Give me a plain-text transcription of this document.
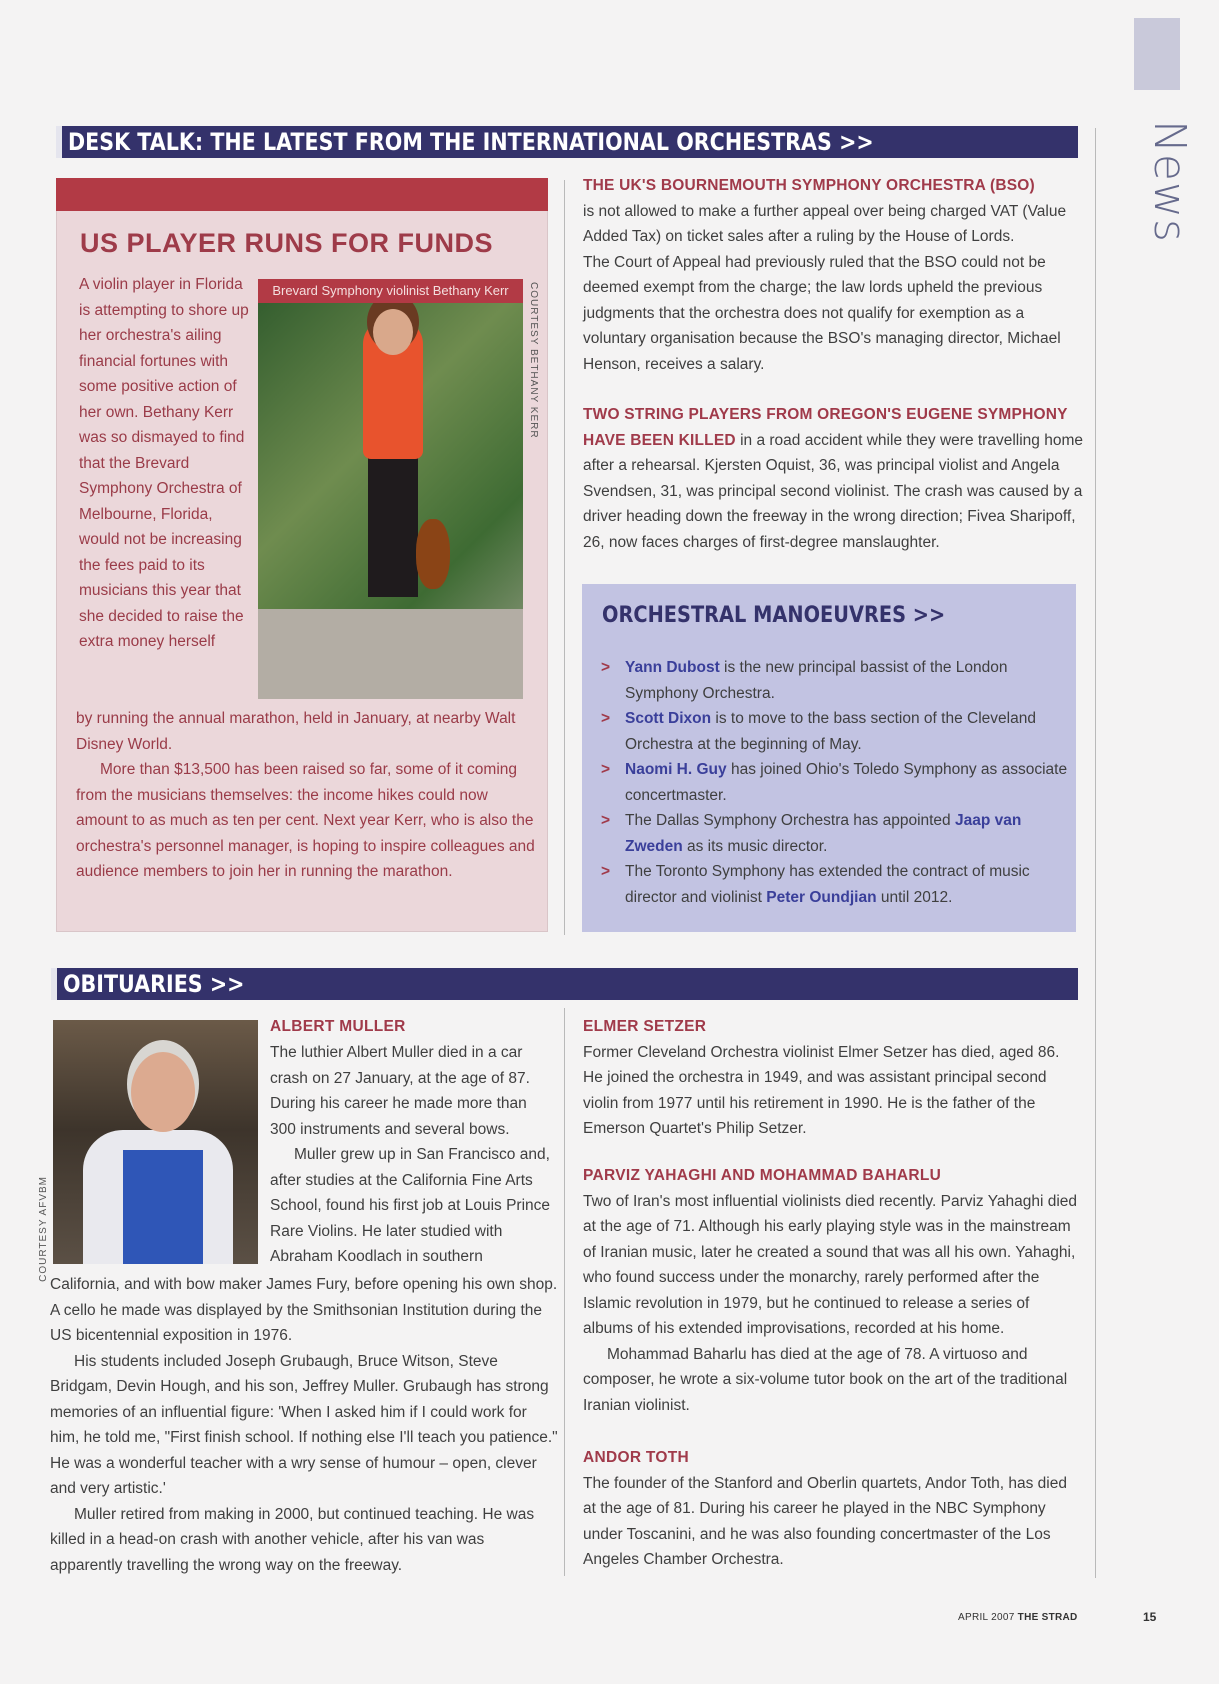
News
DESK TALK: THE LATEST FROM THE INTERNATIONAL ORCHESTRAS >>
US PLAYER RUNS FOR FUNDS
Brevard Symphony violinist Bethany Kerr	COURTESY BETHANY KERR

A violin player in Florida is attempting to shore up her orchestra's ailing financial fortunes with some positive action of her own. Bethany Kerr was so dismayed to find that the Brevard Symphony Orchestra of Melbourne, Florida, would not be increasing the fees paid to its musicians this year that she decided to raise the extra money herself

by running the annual marathon, held in January, at nearby Walt Disney World.

More than $13,500 has been raised so far, some of it coming from the musicians themselves: the income hikes could now amount to as much as ten per cent. Next year Kerr, who is also the orchestra's personnel manager, is hoping to inspire colleagues and audience members to join her in running the marathon.

THE UK'S BOURNEMOUTH SYMPHONY ORCHESTRA (BSO)
is not allowed to make a further appeal over being charged VAT (Value Added Tax) on ticket sales after a ruling by the House of Lords.
The Court of Appeal had previously ruled that the BSO could not be deemed exempt from the charge; the law lords upheld the previous judgments that the orchestra does not qualify for exemption as a voluntary organisation because the BSO's managing director, Michael Henson, receives a salary.

TWO STRING PLAYERS FROM OREGON'S EUGENE SYMPHONY HAVE BEEN KILLED in a road accident while they were travelling home after a rehearsal. Kjersten Oquist, 36, was principal violist and Angela Svendsen, 31, was principal second violinist. The crash was caused by a driver heading down the freeway in the wrong direction; Fivea Sharipoff, 26, now faces charges of first-degree manslaughter.

ORCHESTRAL MANOEUVRES >>
> Yann Dubost is the new principal bassist of the London Symphony Orchestra.
> Scott Dixon is to move to the bass section of the Cleveland Orchestra at the beginning of May.
> Naomi H. Guy has joined Ohio's Toledo Symphony as associate concertmaster.
> The Dallas Symphony Orchestra has appointed Jaap van Zweden as its music director.
> The Toronto Symphony has extended the contract of music director and violinist Peter Oundjian until 2012.
OBITUARIES >>
COURTESY AFVBM
ALBERT MULLER

The luthier Albert Muller died in a car crash on 27 January, at the age of 87. During his career he made more than 300 instruments and several bows.

Muller grew up in San Francisco and, after studies at the California Fine Arts School, found his first job at Louis Prince Rare Violins. He later studied with Abraham Koodlach in southern

California, and with bow maker James Fury, before opening his own shop. A cello he made was displayed by the Smithsonian Institution during the US bicentennial exposition in 1976.

His students included Joseph Grubaugh, Bruce Witson, Steve Bridgam, Devin Hough, and his son, Jeffrey Muller. Grubaugh has strong memories of an influential figure: 'When I asked him if I could work for him, he told me, "First finish school. If nothing else I'll teach you patience." He was a wonderful teacher with a wry sense of humour – open, clever and very artistic.'

Muller retired from making in 2000, but continued teaching. He was killed in a head-on crash with another vehicle, after his van was apparently travelling the wrong way on the freeway.

ELMER SETZER
Former Cleveland Orchestra violinist Elmer Setzer has died, aged 86. He joined the orchestra in 1949, and was assistant principal second violin from 1977 until his retirement in 1990. He is the father of the Emerson Quartet's Philip Setzer.
PARVIZ YAHAGHI AND MOHAMMAD BAHARLU
Two of Iran's most influential violinists died recently. Parviz Yahaghi died at the age of 71. Although his early playing style was in the mainstream of Iranian music, later he created a sound that was all his own. Yahaghi, who found success under the monarchy, rarely performed after the Islamic revolution in 1979, but he continued to release a series of albums of his extended improvisations, recorded at his home.
Mohammad Baharlu has died at the age of 78. A virtuoso and composer, he wrote a six-volume tutor book on the art of the traditional Iranian violinist.
ANDOR TOTH
The founder of the Stanford and Oberlin quartets, Andor Toth, has died at the age of 81. During his career he played in the NBC Symphony under Toscanini, and he was also founding concertmaster of the Los Angeles Chamber Orchestra.
APRIL 2007 THE STRAD	15
